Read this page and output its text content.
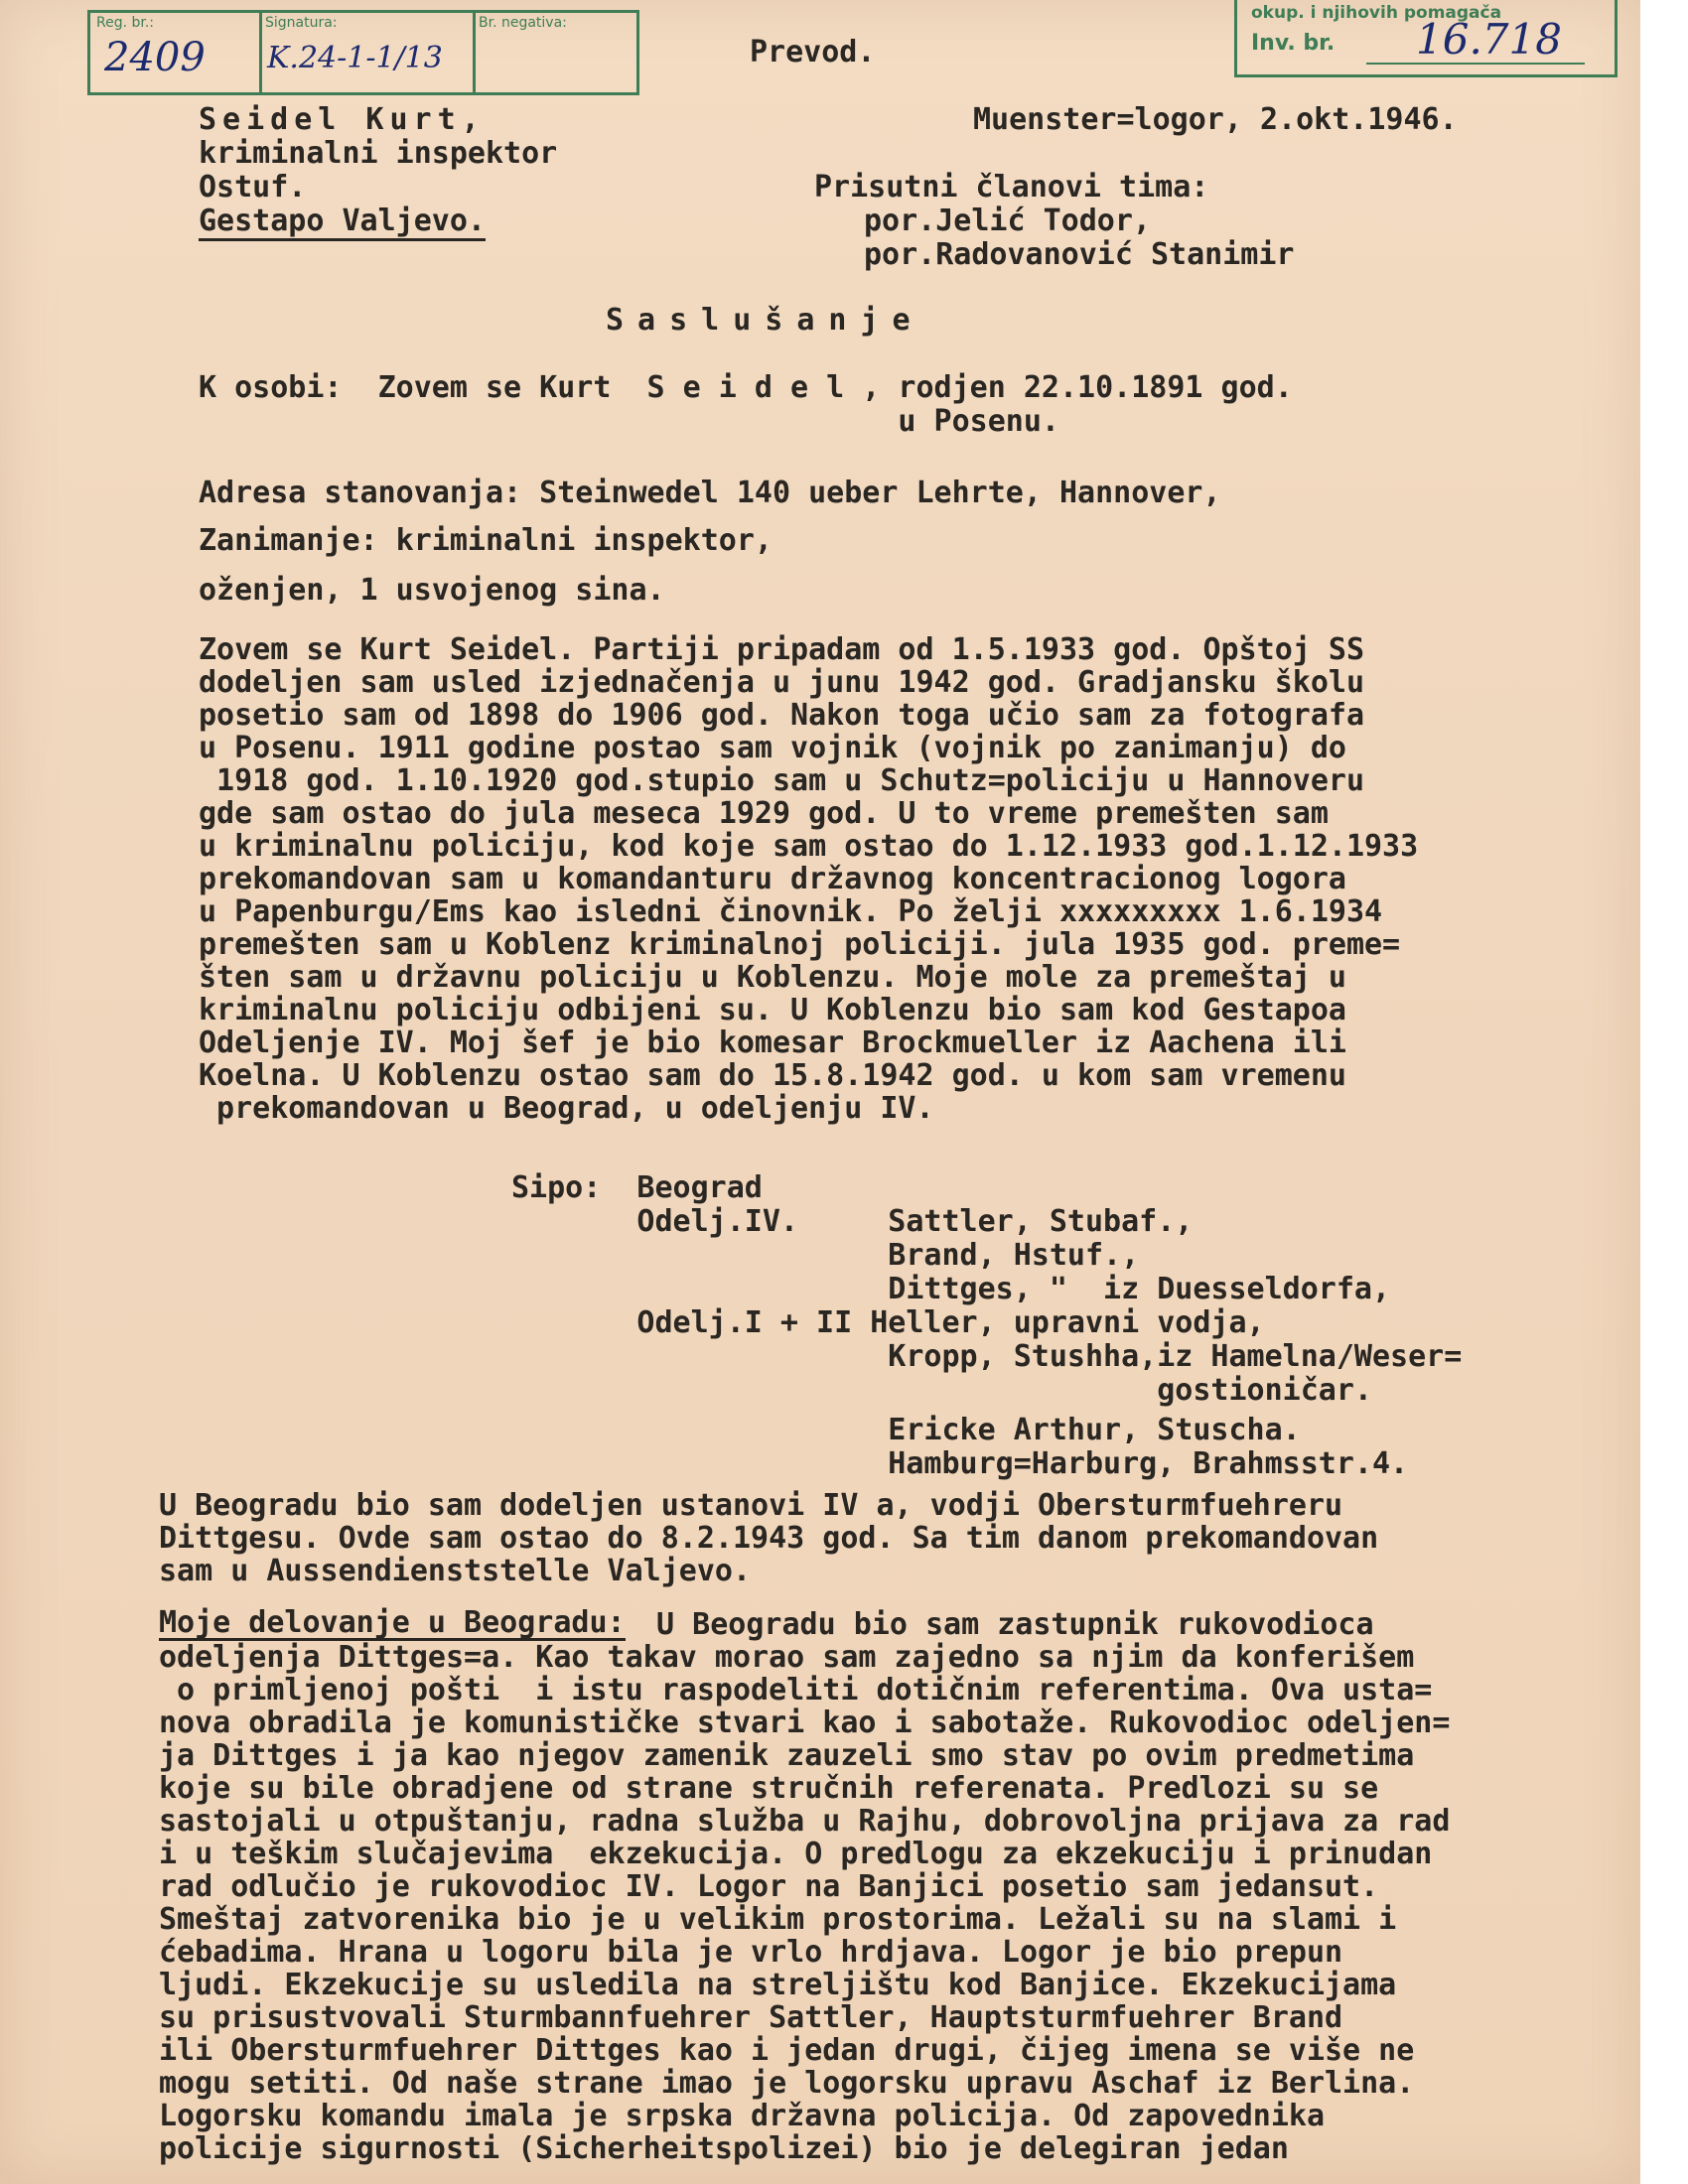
Reg. br.:
2409
Signatura:
K.24-1-1/13
Br. negativa:	okup. i njihovih pomagača
Inv. br. 16.718
Prevod.
Seidel Kurt,
kriminalni inspektor
Ostuf.
Gestapo Valjevo.
Muenster=logor, 2.okt.1946.
Prisutni članovi tima:
por.Jelić Todor,
por.Radovanović Stanimir
Saslušanje
K osobi:  Zovem se Kurt  S e i d e l , rodjen 22.10.1891 god.
u Posenu.
Adresa stanovanja: Steinwedel 140 ueber Lehrte, Hannover,
Zanimanje: kriminalni inspektor,
oženjen, 1 usvojenog sina.
Zovem se Kurt Seidel. Partiji pripadam od 1.5.1933 god. Opštoj SS
dodeljen sam usled izjednačenja u junu 1942 god. Gradjansku školu
posetio sam od 1898 do 1906 god. Nakon toga učio sam za fotografa
u Posenu. 1911 godine postao sam vojnik (vojnik po zanimanju) do
1918 god. 1.10.1920 god.stupio sam u Schutz=policiju u Hannoveru
gde sam ostao do jula meseca 1929 god. U to vreme premešten sam
u kriminalnu policiju, kod koje sam ostao do 1.12.1933 god.1.12.1933
prekomandovan sam u komandanturu državnog koncentracionog logora
u Papenburgu/Ems kao isledni činovnik. Po želji xxxxxxxxx 1.6.1934
premešten sam u Koblenz kriminalnoj policiji. jula 1935 god. preme=
šten sam u državnu policiju u Koblenzu. Moje mole za premeštaj u
kriminalnu policiju odbijeni su. U Koblenzu bio sam kod Gestapoa
Odeljenje IV. Moj šef je bio komesar Brockmueller iz Aachena ili
Koelna. U Koblenzu ostao sam do 15.8.1942 god. u kom sam vremenu
prekomandovan u Beograd, u odeljenju IV.
Sipo:  Beograd
Odelj.IV.     Sattler, Stubaf.,
Brand, Hstuf.,
Dittges, "  iz Duesseldorfa,
Odelj.I + II Heller, upravni vodja,
Kropp, Stushha,iz Hamelna/Weser=
gostioničar.
Ericke Arthur, Stuscha.
Hamburg=Harburg, Brahmsstr.4.
U Beogradu bio sam dodeljen ustanovi IV a, vodji Obersturmfuehreru
Dittgesu. Ovde sam ostao do 8.2.1943 god. Sa tim danom prekomandovan
sam u Aussendienststelle Valjevo.
Moje delovanje u Beogradu: U Beogradu bio sam zastupnik rukovodioca
odeljenja Dittges=a. Kao takav morao sam zajedno sa njim da konferišem
o primljenoj pošti  i istu raspodeliti dotičnim referentima. Ova usta=
nova obradila je komunističke stvari kao i sabotaže. Rukovodioc odeljen=
ja Dittges i ja kao njegov zamenik zauzeli smo stav po ovim predmetima
koje su bile obradjene od strane stručnih referenata. Predlozi su se
sastojali u otpuštanju, radna služba u Rajhu, dobrovoljna prijava za rad
i u teškim slučajevima  ekzekucija. O predlogu za ekzekuciju i prinudan
rad odlučio je rukovodioc IV. Logor na Banjici posetio sam jedansut.
Smeštaj zatvorenika bio je u velikim prostorima. Ležali su na slami i
ćebadima. Hrana u logoru bila je vrlo hrdjava. Logor je bio prepun
ljudi. Ekzekucije su usledila na streljištu kod Banjice. Ekzekucijama
su prisustvovali Sturmbannfuehrer Sattler, Hauptsturmfuehrer Brand
ili Obersturmfuehrer Dittges kao i jedan drugi, čijeg imena se više ne
mogu setiti. Od naše strane imao je logorsku upravu Aschaf iz Berlina.
Logorsku komandu imala je srpska državna policija. Od zapovednika
policije sigurnosti (Sicherheitspolizei) bio je delegiran jedan
